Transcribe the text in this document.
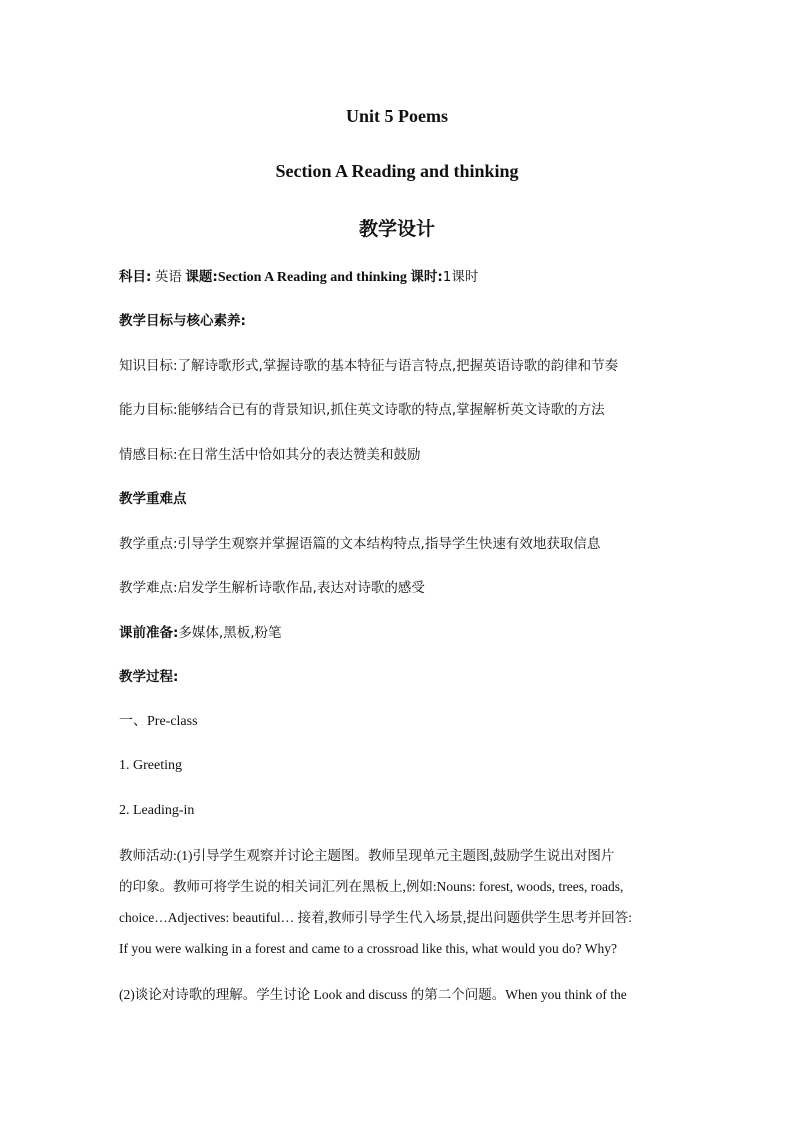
Unit 5 Poems
Section A Reading and thinking
教学设计
科目: 英语 课题:Section A Reading and thinking 课时:1课时
教学目标与核心素养:
知识目标:了解诗歌形式,掌握诗歌的基本特征与语言特点,把握英语诗歌的韵律和节奏
能力目标:能够结合已有的背景知识,抓住英文诗歌的特点,掌握解析英文诗歌的方法
情感目标:在日常生活中恰如其分的表达赞美和鼓励
教学重难点
教学重点:引导学生观察并掌握语篇的文本结构特点,指导学生快速有效地获取信息
教学难点:启发学生解析诗歌作品,表达对诗歌的感受
课前准备:多媒体,黑板,粉笔
教学过程:
一、Pre-class
1. Greeting
2. Leading-in
教师活动:(1)引导学生观察并讨论主题图。教师呈现单元主题图,鼓励学生说出对图片
的印象。教师可将学生说的相关词汇列在黑板上,例如:Nouns: forest, woods, trees, roads,
choice…Adjectives: beautiful… 接着,教师引导学生代入场景,提出问题供学生思考并回答:
If you were walking in a forest and came to a crossroad like this, what would you do? Why?
(2)谈论对诗歌的理解。学生讨论 Look and discuss 的第二个问题。When you think of the
